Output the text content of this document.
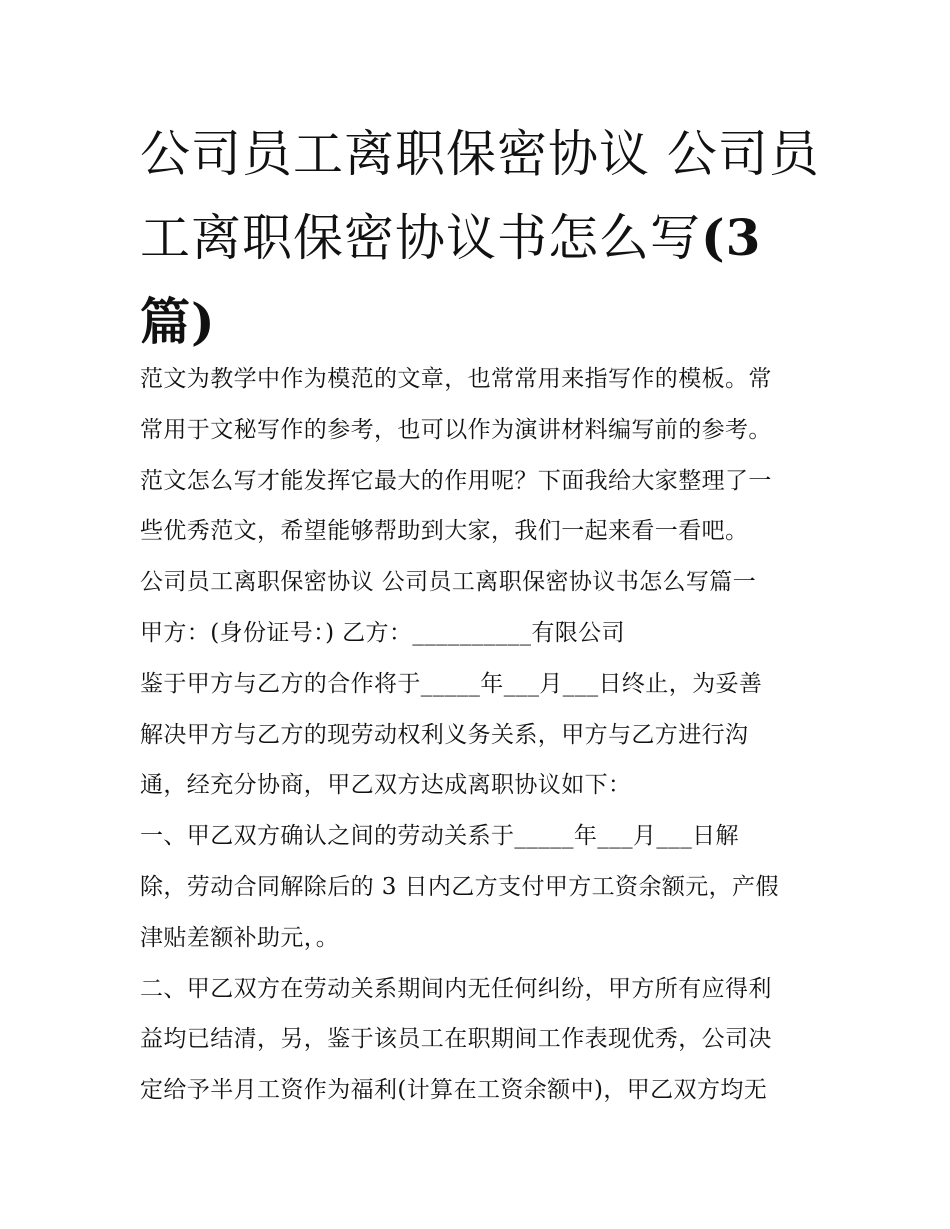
公司员工离职保密协议 公司员
工离职保密协议书怎么写(3
篇)
范文为教学中作为模范的文章，也常常用来指写作的模板。常
常用于文秘写作的参考，也可以作为演讲材料编写前的参考。
范文怎么写才能发挥它最大的作用呢？下面我给大家整理了一
些优秀范文，希望能够帮助到大家，我们一起来看一看吧。
公司员工离职保密协议 公司员工离职保密协议书怎么写篇一
甲方：(身份证号：) 乙方：__________有限公司
鉴于甲方与乙方的合作将于_____年___月___日终止，为妥善
解决甲方与乙方的现劳动权利义务关系，甲方与乙方进行沟
通，经充分协商，甲乙双方达成离职协议如下：
一、甲乙双方确认之间的劳动关系于_____年___月___日解
除，劳动合同解除后的 3 日内乙方支付甲方工资余额元，产假
津贴差额补助元，。
二、甲乙双方在劳动关系期间内无任何纠纷，甲方所有应得利
益均已结清，另，鉴于该员工在职期间工作表现优秀，公司决
定给予半月工资作为福利(计算在工资余额中)，甲乙双方均无
